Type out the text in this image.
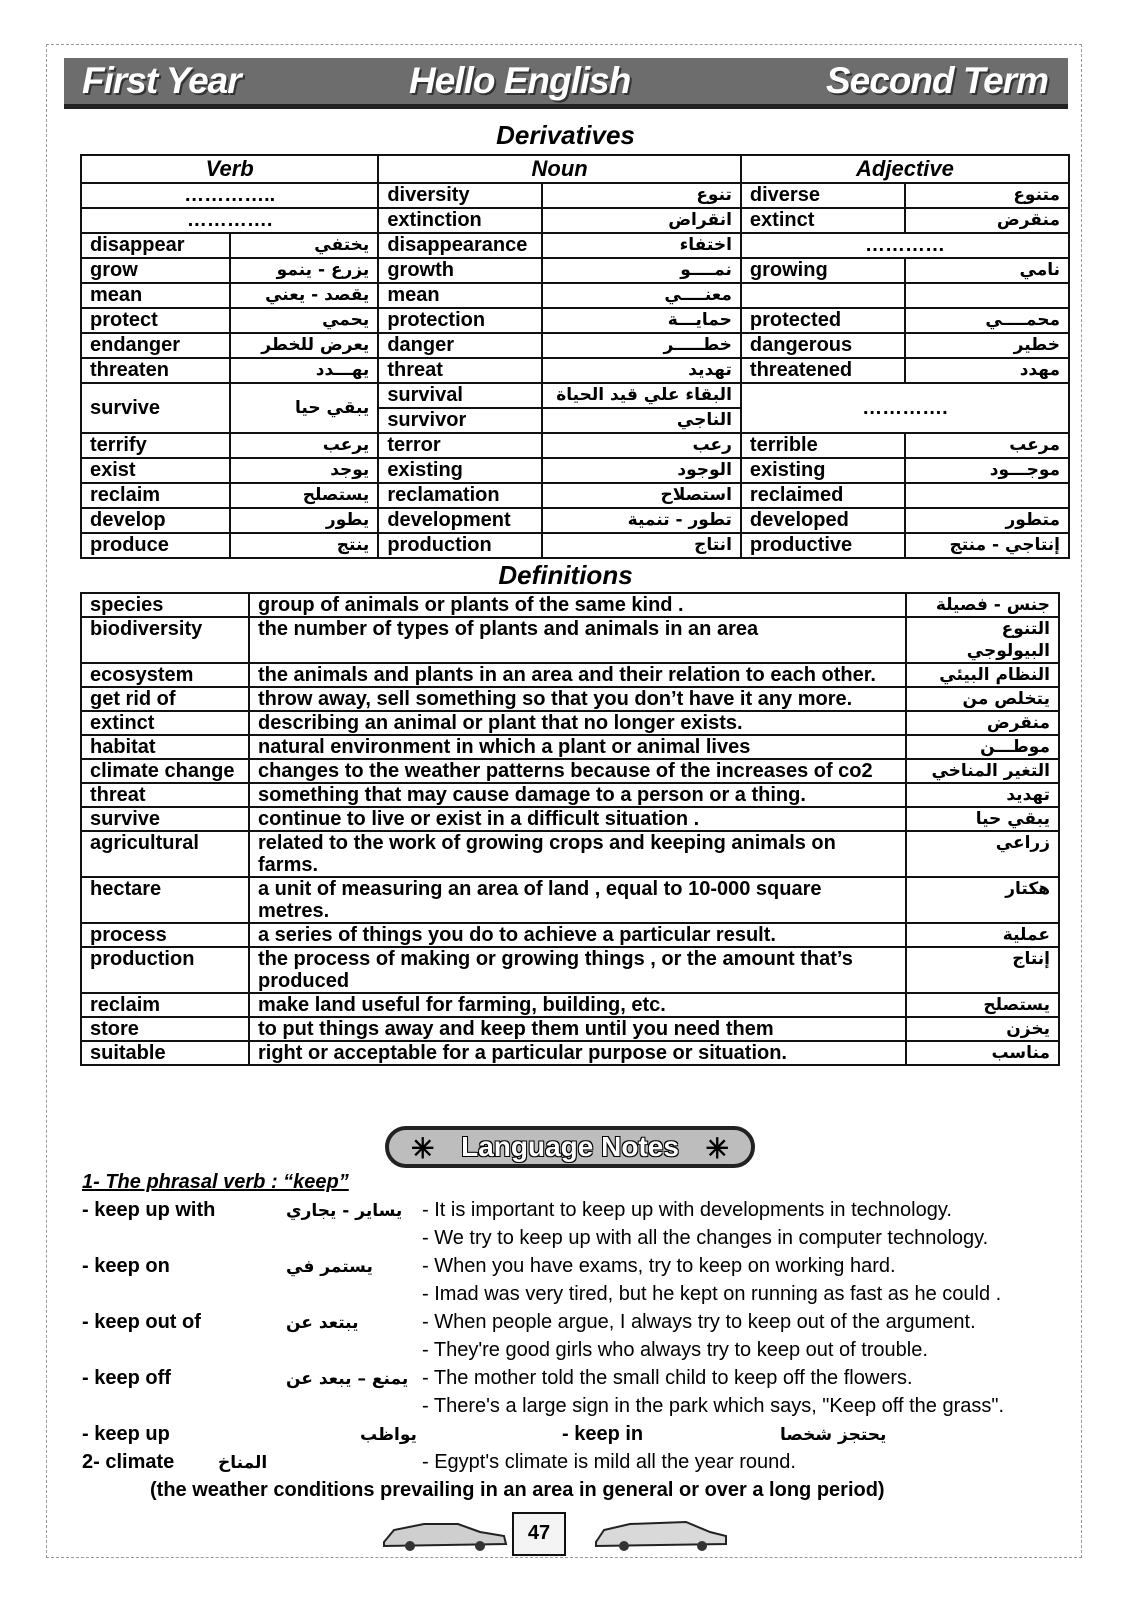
First Year	Hello English	Second Term
Derivatives
Verb		Noun		Adjective	
…………..		diversity	تنوع	diverse	متنوع
………….		extinction	انقراض	extinct	منقرض
disappear	يختفي	disappearance	اختفاء	…………	
grow	يزرع - ينمو	growth	نمــــو	growing	نامي
mean	يقصد - يعني	mean	معنــــي		
protect	يحمي	protection	حمايـــة	protected	محمــــي
endanger	يعرض للخطر	danger	خطـــــر	dangerous	خطير
threaten	يهـــدد	threat	تهديد	threatened	مهدد
survive	يبقي حيا	survival	البقاء علي قيد الحياة	………….	
		survivor	الناجي		
terrify	يرعب	terror	رعب	terrible	مرعب
exist	يوجد	existing	الوجود	existing	موجـــود
reclaim	يستصلح	reclamation	استصلاح	reclaimed	
develop	يطور	development	تطور - تنمية	developed	متطور
produce	ينتج	production	انتاج	productive	إنتاجي - منتج
Definitions
species	group of animals or plants of the same kind .	جنس - فصيلة
biodiversity	the number of types of plants and animals in an area	التنوع البيولوجي
ecosystem	the animals and plants in an area and their relation to each other.	النظام البيئي
get rid of	throw away, sell something so that you don’t have it any more.	يتخلص من
extinct	describing an animal or plant that no longer exists.	منقرض
habitat	natural environment in which a plant or animal lives	موطـــن
climate change	changes to the weather patterns because of the increases of co2	التغير المناخي
threat	something that may cause damage to a person or a thing.	تهديد
survive	continue to live or exist in a difficult situation .	يبقي حيا
agricultural	related to the work of growing crops and keeping animals on farms.	زراعي
hectare	a unit of measuring an area of land , equal to 10-000 square metres.	هكتار
process	a series of things you do to achieve a particular result.	عملية
production	the process of making or growing things , or the amount that’s produced	إنتاج
reclaim	make land useful for farming, building, etc.	يستصلح
store	to put things away and keep them until you need them	يخزن
suitable	right or acceptable for a particular purpose or situation.	مناسب
✳ Language Notes ✳
1- The phrasal verb : “keep”
- keep up with	يساير - يجاري - It is important to keep up with developments in technology.
- We try to keep up with all the changes in computer technology.
- keep on	يستمر في - When you have exams, try to keep on working hard.
- Imad was very tired, but he kept on running as fast as he could .
- keep out of	يبتعد عن	- When people argue, I always try to keep out of the argument.
- They're good girls who always try to keep out of trouble.
- keep off	يمنع – يبعد عن - The mother told the small child to keep off the flowers.
- There's a large sign in the park which says, "Keep off the grass".
- keep up	يواظب	- keep in	يحتجز شخصا
2- climate	المناخ	- Egypt's climate is mild all the year round.
(the weather conditions prevailing in an area in general or over a long period)
47
